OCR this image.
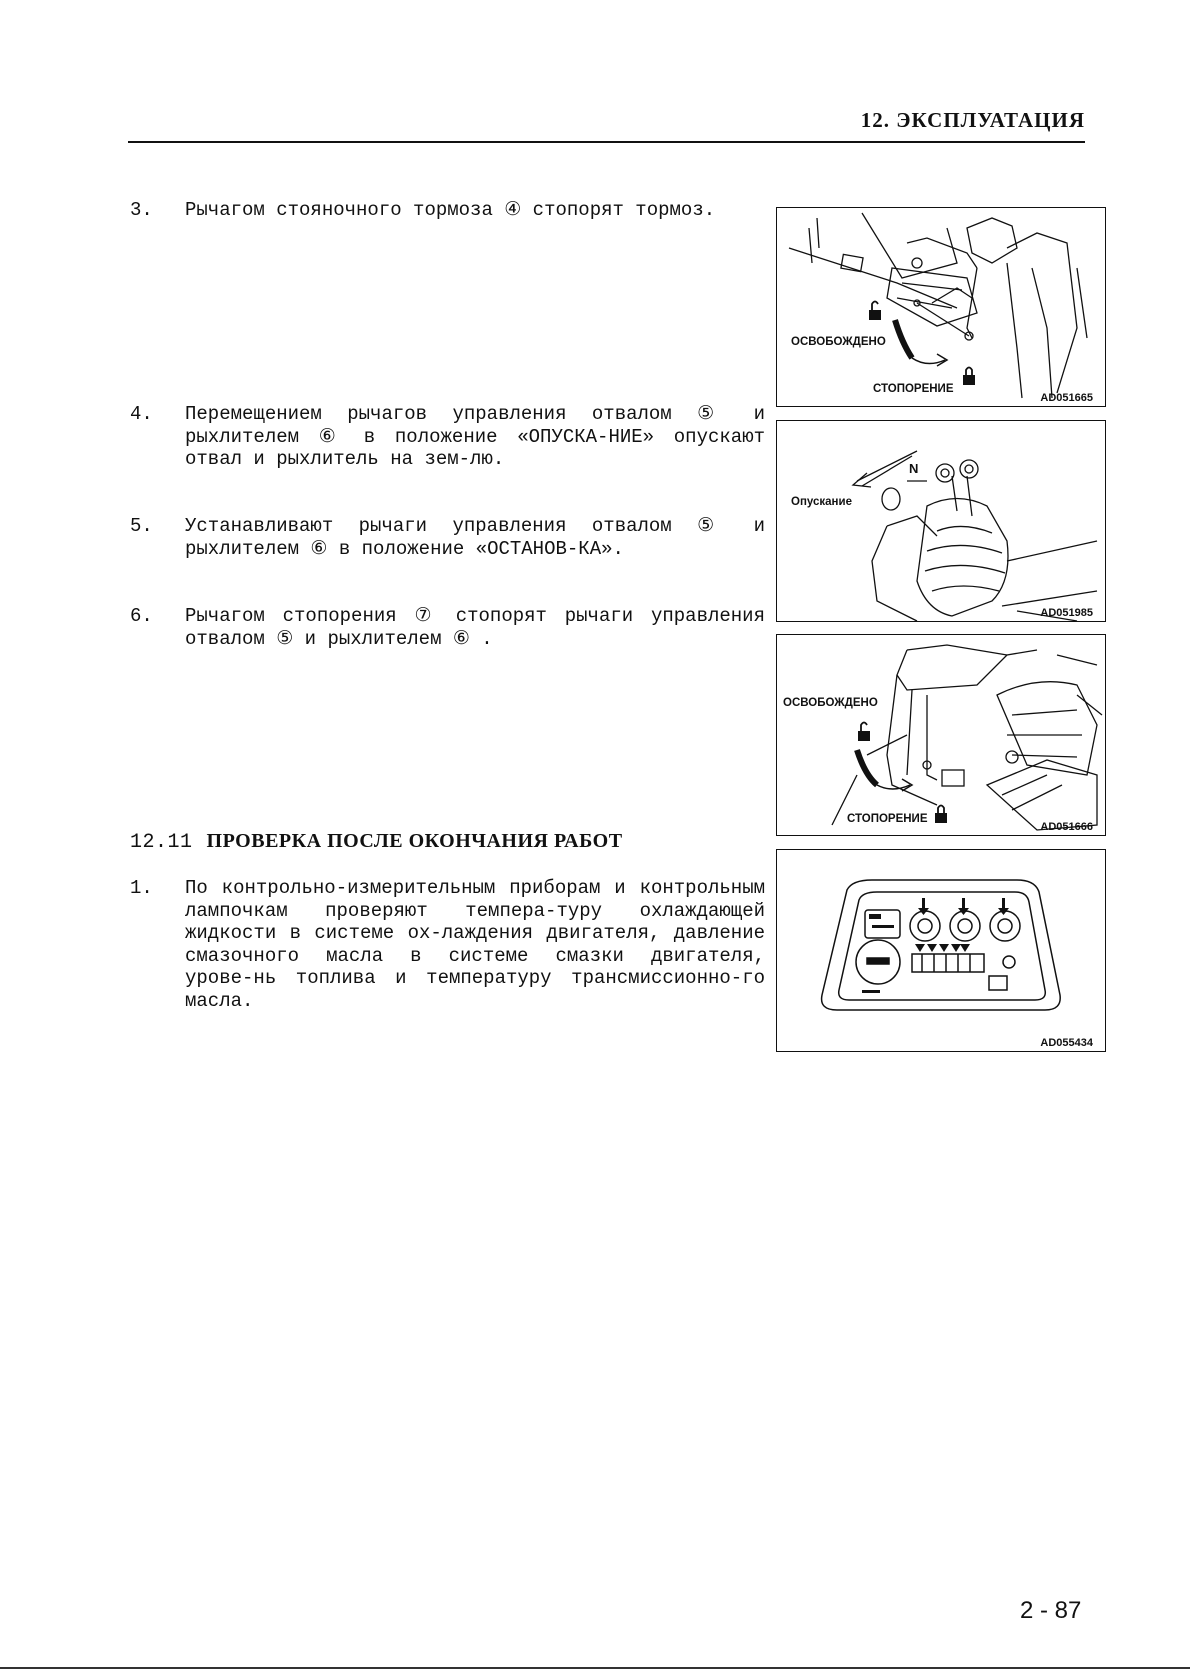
12. ЭКСПЛУАТАЦИЯ
3. Рычагом стояночного тормоза ④ стопорят тормоз.
4. Перемещением рычагов управления отвалом ⑤ и рыхлителем ⑥ в положение «ОПУСКА-НИЕ» опускают отвал и рыхлитель на зем-лю.
5. Устанавливают рычаги управления отвалом ⑤ и рыхлителем ⑥ в положение «ОСТАНОВ-КА».
6. Рычагом стопорения ⑦ стопорят рычаги управления отвалом ⑤ и рыхлителем ⑥ .
12.11 ПРОВЕРКА ПОСЛЕ ОКОНЧАНИЯ РАБОТ
1. По контрольно-измерительным приборам и контрольным лампочкам проверяют темпера-туру охлаждающей жидкости в системе ох-лаждения двигателя, давление смазочного масла в системе смазки двигателя, урове-нь топлива и температуру трансмиссионно-го масла.
ОСВОБОЖДЕНО
СТОПОРЕНИЕ
AD051665
N
Опускание
AD051985
ОСВОБОЖДЕНО
СТОПОРЕНИЕ
AD051666
AD055434
2 - 87
